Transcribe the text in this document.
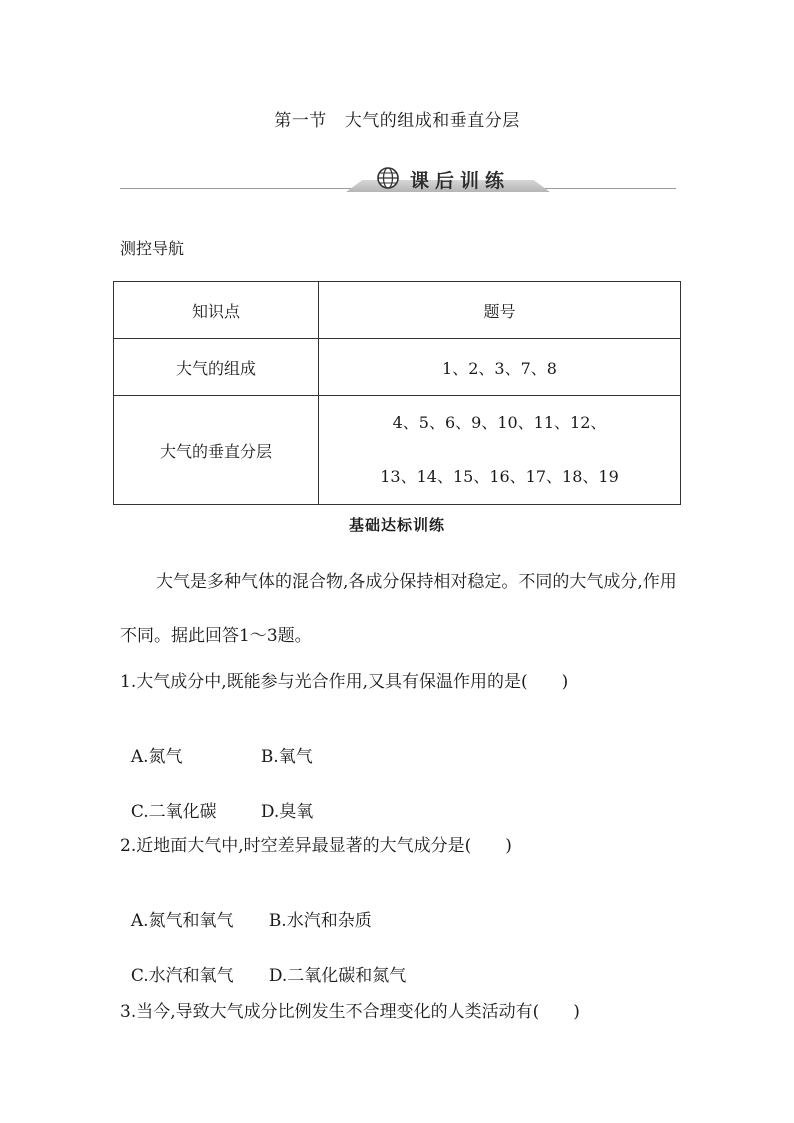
第一节 大气的组成和垂直分层
课后训练
测控导航
知识点	题号
大气的组成	1、2、3、7、8
大气的垂直分层	4、5、6、9、10、11、12、
13、14、15、16、17、18、19
基础达标训练
大气是多种气体的混合物,各成分保持相对稳定。不同的大气成分,作用不同。据此回答1～3题。
1.大气成分中,既能参与光合作用,又具有保温作用的是(　　)

A.氮气	B.氧气

C.二氧化碳	D.臭氧

2.近地面大气中,时空差异最显著的大气成分是(　　)

A.氮气和氧气 B.水汽和杂质

C.水汽和氧气 D.二氧化碳和氮气

3.当今,导致大气成分比例发生不合理变化的人类活动有(　　)
